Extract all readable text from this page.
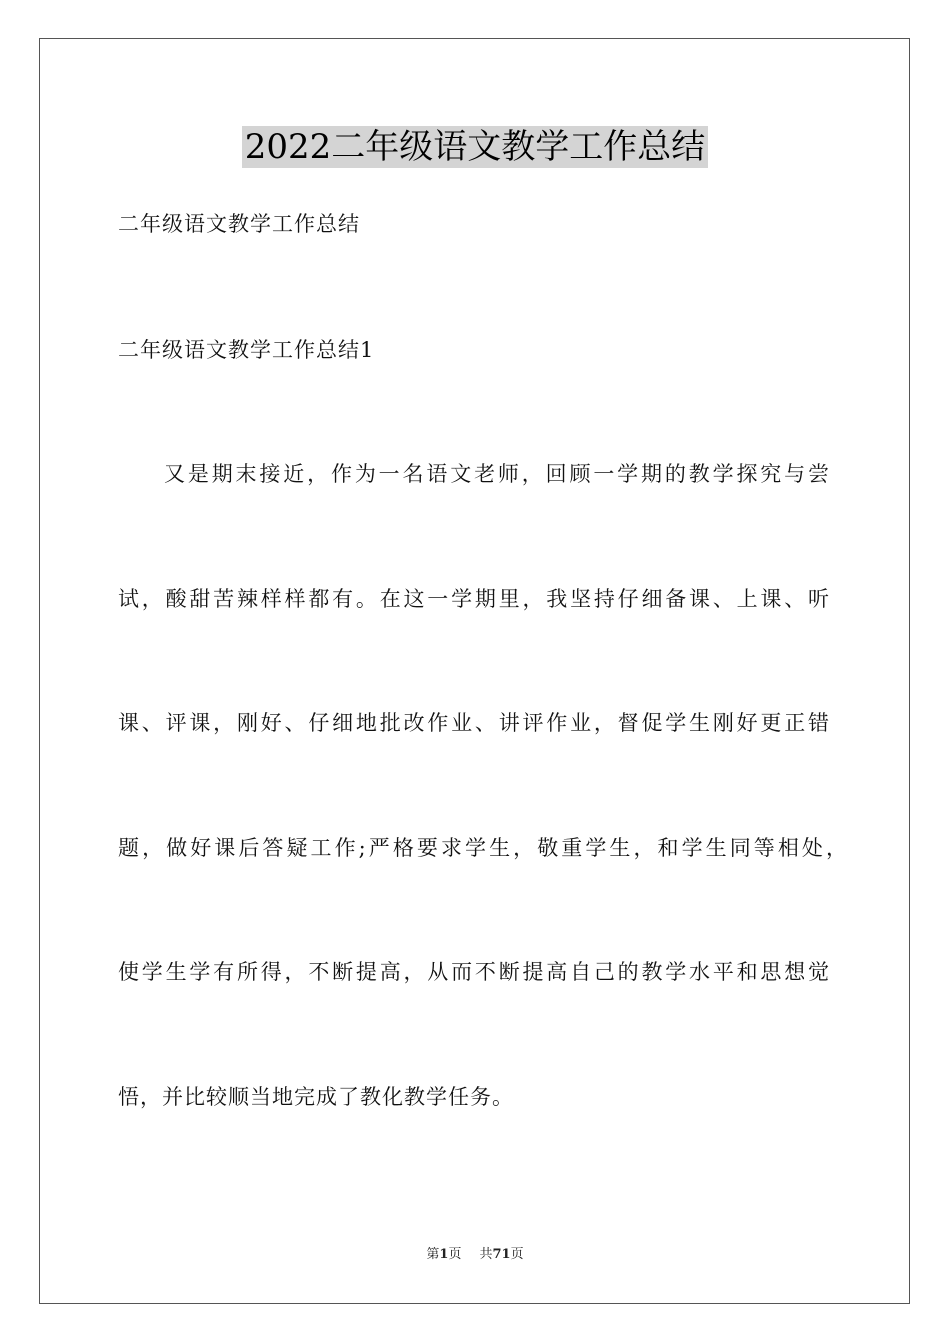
2022二年级语文教学工作总结
二年级语文教学工作总结
二年级语文教学工作总结1
又是期末接近，作为一名语文老师，回顾一学期的教学探究与尝
试，酸甜苦辣样样都有。在这一学期里，我坚持仔细备课、上课、听
课、评课，刚好、仔细地批改作业、讲评作业，督促学生刚好更正错
题，做好课后答疑工作;严格要求学生，敬重学生，和学生同等相处，
使学生学有所得，不断提高，从而不断提高自己的教学水平和思想觉
悟，并比较顺当地完成了教化教学任务。
第1页 共71页
